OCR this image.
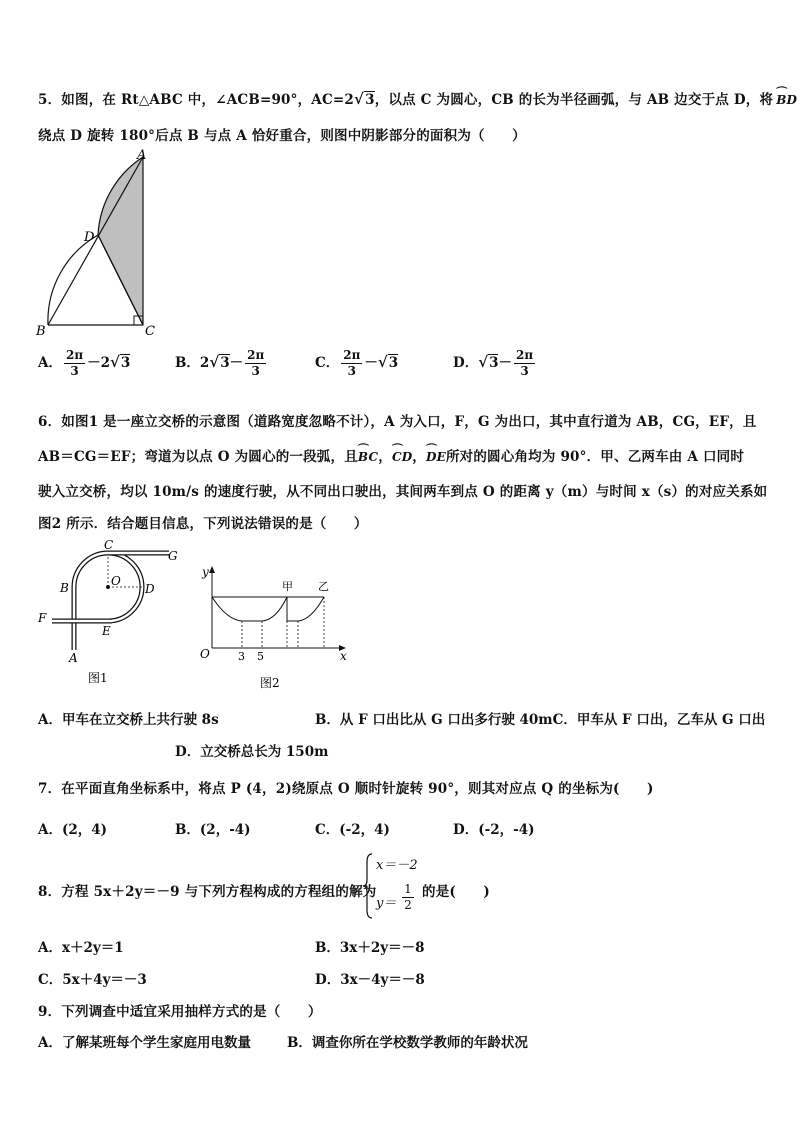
5．如图，在 Rt△ABC 中，∠ACB=90°，AC=2√3，以点 C 为圆心，CB 的长为半径画弧，与 AB 边交于点 D，将⌒ BD
绕点 D 旋转 180°后点 B 与点 A 恰好重合，则图中阴影部分的面积为（　　）
A
D
B	C
A． $\frac{2\pi}{3} -2√3$	B．$2√3- \frac{2\pi}{3}$	C． $\frac{2\pi}{3} -√3$	D．$√3- \frac{2\pi}{3}$
6．如图1 是一座立交桥的示意图（道路宽度忽略不计），A 为入口，F，G 为出口，其中直行道为 AB，CG，EF，且
AB＝CG＝EF；弯道为以点 O 为圆心的一段弧，且⌒ BC，⌒ CD，⌒ DE所对的圆心角均为 90°．甲、乙两车由 A 口同时
驶入立交桥，均以 10m/s 的速度行驶，从不同出口驶出，其间两车到点 O 的距离 y（m）与时间 x（s）的对应关系如
图2 所示．结合题目信息，下列说法错误的是（　　）
C
G
B	O
D
F
E
A
图1
y
x
O	3 5
甲 乙
图2
A．甲车在立交桥上共行驶 8s	B．从 F 口出比从 G 口出多行驶 40mC．甲车从 F 口出，乙车从 G 口出
D．立交桥总长为 150m
7．在平面直角坐标系中，将点 P (4，2)绕原点 O 顺时针旋转 90°，则其对应点 Q 的坐标为(　　)
A．(2，4)	B．(2，-4)	C．(-2，4)	D．(-2，-4)
8．方程 5x＋2y＝－9 与下列方程构成的方程组的解为
x＝－2
y＝
1
2
的是(　　)
A．x＋2y＝1	B．3x＋2y＝－8
C．5x＋4y＝－3	D．3x－4y＝－8
9．下列调查中适宜采用抽样方式的是（　　）
A．了解某班每个学生家庭用电数量	B．调查你所在学校数学教师的年龄状况
